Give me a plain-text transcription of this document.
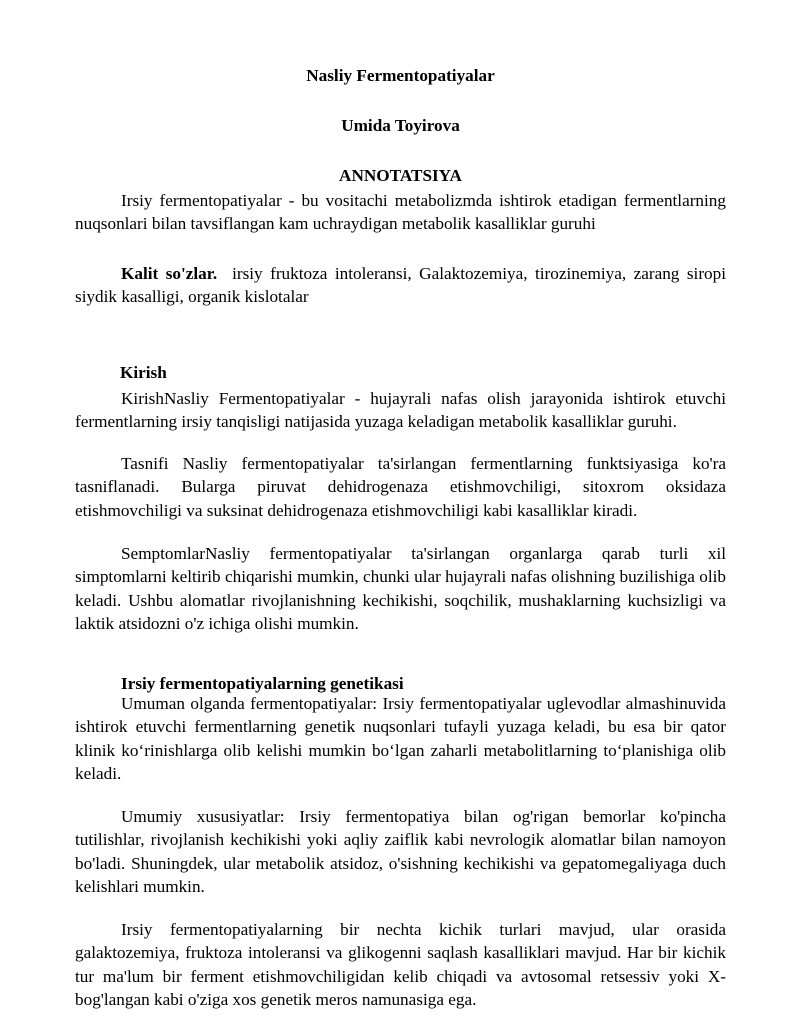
Nasliy Fermentopatiyalar
Umida Toyirova
ANNOTATSIYA

Irsiy fermentopatiyalar - bu vositachi metabolizmda ishtirok etadigan fermentlarning nuqsonlari bilan tavsiflangan kam uchraydigan metabolik kasalliklar guruhi

Kalit so'zlar. irsiy fruktoza intoleransi, Galaktozemiya, tirozinemiya, zarang siropi siydik kasalligi, organik kislotalar

Kirish

KirishNasliy Fermentopatiyalar - hujayrali nafas olish jarayonida ishtirok etuvchi fermentlarning irsiy tanqisligi natijasida yuzaga keladigan metabolik kasalliklar guruhi.

Tasnifi Nasliy fermentopatiyalar ta'sirlangan fermentlarning funktsiyasiga ko'ra tasniflanadi. Bularga piruvat dehidrogenaza etishmovchiligi, sitoxrom oksidaza etishmovchiligi va suksinat dehidrogenaza etishmovchiligi kabi kasalliklar kiradi.

SemptomlarNasliy fermentopatiyalar ta'sirlangan organlarga qarab turli xil simptomlarni keltirib chiqarishi mumkin, chunki ular hujayrali nafas olishning buzilishiga olib keladi. Ushbu alomatlar rivojlanishning kechikishi, soqchilik, mushaklarning kuchsizligi va laktik atsidozni o'z ichiga olishi mumkin.

Irsiy fermentopatiyalarning genetikasi

Umuman olganda fermentopatiyalar: Irsiy fermentopatiyalar uglevodlar almashinuvida ishtirok etuvchi fermentlarning genetik nuqsonlari tufayli yuzaga keladi, bu esa bir qator klinik ko‘rinishlarga olib kelishi mumkin bo‘lgan zaharli metabolitlarning to‘planishiga olib keladi.

Umumiy xususiyatlar: Irsiy fermentopatiya bilan og'rigan bemorlar ko'pincha tutilishlar, rivojlanish kechikishi yoki aqliy zaiflik kabi nevrologik alomatlar bilan namoyon bo'ladi. Shuningdek, ular metabolik atsidoz, o'sishning kechikishi va gepatomegaliyaga duch kelishlari mumkin.

Irsiy fermentopatiyalarning bir nechta kichik turlari mavjud, ular orasida galaktozemiya, fruktoza intoleransi va glikogenni saqlash kasalliklari mavjud. Har bir kichik tur ma'lum bir ferment etishmovchiligidan kelib chiqadi va avtosomal retsessiv yoki X-bog'langan kabi o'ziga xos genetik meros namunasiga ega.
